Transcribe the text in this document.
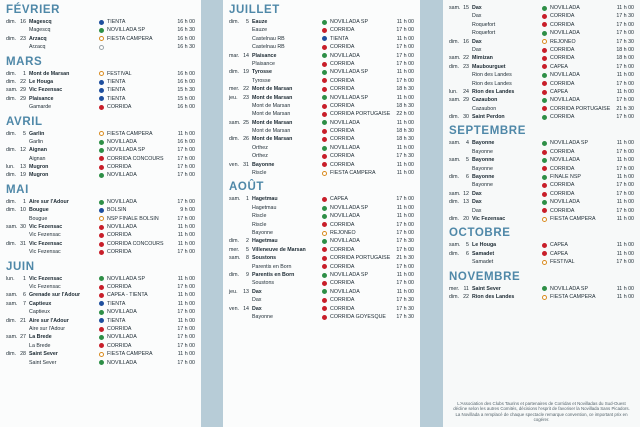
FÉVRIER
dim. 16 Magescq	TIENTA	16 h 00
Magescq	NOVILLADA SP	16 h 30
dim. 23 Arzacq	FIESTA CAMPERA	16 h 00
Arzacq	16 h 30
MARS
dim.	1 Mont de Marsan	FESTIVAL	16 h 00
dim. 22 Le Houga	TIENTA	16 h 00
sam. 29 Vic Fezensac	TIENTA	15 h 30
dim. 29 Plaisance	TIENTA	15 h 00
Gamarde	CORRIDA	16 h 00
AVRIL
dim.	5 Garlin	FIESTA CAMPERA	11 h 00
Garlin	NOVILLADA	16 h 00
dim. 12 Aignan	NOVILLADA SP	17 h 00
Aignan	CORRIDA CONCOURS	17 h 00
lun.	13 Mugron	CORRIDA	17 h 00
dim. 19 Mugron	NOVILLADA	17 h 00
MAI
dim.	1 Aire sur l'Adour	NOVILLADA	17 h 00
dim. 10 Bougue	BOLSIN	9 h 00
Bougue	NSP FINALE BOLSIN	17 h 00
sam. 30 Vic Fezensac	NOVILLADA	11 h 00
Vic Fezensac	CORRIDA	11 h 00
dim. 31 Vic Fezensac	CORRIDA CONCOURS	11 h 00
Vic Fezensac	CORRIDA	17 h 00
JUIN
lun.	1 Vic Fezensac	NOVILLADA SP	11 h 00
Vic Fezensac	CORRIDA	17 h 00
sam.	6 Grenade sur l'Adour	CAPEA - TIENTA	11 h 00
sam.	7 Captieux	TIENTA	11 h 00
Captieux	NOVILLADA	17 h 00
dim. 21 Aire sur l'Adour	TIENTA	11 h 00
Aire sur l'Adour	CORRIDA	17 h 00
sam. 27 La Brede	NOVILLADA	17 h 00
La Brede	CORRIDA	17 h 00
dim. 28 Saint Sever	FIESTA CAMPERA	11 h 00
Saint Sever	NOVILLADA	17 h 00
JUILLET
dim.	5 Eauze	NOVILLADA SP	11 h 00
Eauze	CORRIDA	17 h 00
Castelnau RB	TIENTA	11 h 00
Castelnau RB	CORRIDA	17 h 00
mar. 14 Plaisance	NOVILLADA	17 h 00
Plaisance	CORRIDA	17 h 00
dim. 19 Tyrosse	NOVILLADA SP	11 h 00
Tyrosse	CORRIDA	17 h 00
mer. 22 Mont de Marsan	CORRIDA	18 h 30
jeu.	23 Mont de Marsan	NOVILLADA SP	11 h 00
Mont de Marsan	CORRIDA	18 h 30
Mont de Marsan	CORRIDA PORTUGAISE	22 h 00
sam. 25 Mont de Marsan	NOVILLADA	11 h 00
Mont de Marsan	CORRIDA	18 h 30
dim. 26 Mont de Marsan	CORRIDA	18 h 30
Orthez	NOVILLADA	11 h 00
Orthez	CORRIDA	17 h 30
ven. 31 Bayonne	CORRIDA	11 h 00
Riscle	FIESTA CAMPERA	11 h 00
AOÛT
sam.	1 Hagetmau	CAPEA	17 h 00
Hagetmau	NOVILLADA SP	11 h 00
Riscle	NOVILLADA	11 h 00
Riscle	CORRIDA	17 h 00
Bayonne	REJONEO	17 h 00
dim.	2 Hagetmau	NOVILLADA	17 h 30
mer.	5 Villeneuve de Marsan	CORRIDA	17 h 00
sam.	8 Soustons	CORRIDA PORTUGAISE	21 h 30
Parentis en Born	CORRIDA	17 h 00
dim.	9 Parentis en Born	NOVILLADA SP	11 h 00
Soustons	CORRIDA	17 h 00
jeu.	13 Dax	NOVILLADA	11 h 00
Dax	CORRIDA	17 h 30
ven. 14 Dax	CORRIDA	17 h 30
Bayonne	CORRIDA GOYESQUE	17 h 30
sam. 15 Dax	NOVILLADA	11 h 00
Dax	CORRIDA	17 h 30
Roquefort	CORRIDA	17 h 00
Roquefort	NOVILLADA	17 h 00
dim. 16 Dax	REJONEO	17 h 30
Dax	CORRIDA	18 h 00
sam. 22 Mimizan	CORRIDA	18 h 00
dim. 23 Maubourguet	CAPEA	17 h 00
Rion des Landes	NOVILLADA	11 h 00
Rion des Landes	CORRIDA	17 h 00
lun.	24 Rion des Landes	CAPEA	11 h 00
sam. 29 Cazaubon	NOVILLADA	17 h 00
Cazaubon	CORRIDA PORTUGAISE	21 h 30
dim. 30 Saint Perdon	CORRIDA	17 h 00
SEPTEMBRE
sam.	4 Bayonne	NOVILLADA SP	11 h 00
Bayonne	CORRIDA	17 h 00
sam.	5 Bayonne	NOVILLADA	11 h 00
Bayonne	CORRIDA	17 h 00
dim.	6 Bayonne	FINALE NSP	11 h 00
Bayonne	CORRIDA	17 h 00
sam. 12 Dax	CORRIDA	17 h 00
dim. 13 Dax	NOVILLADA	11 h 00
Dax	CORRIDA	17 h 00
dim. 20 Vic Fezensac	FIESTA CAMPERA	11 h 00
OCTOBRE
sam.	5 Le Houga	CAPEA	11 h 00
dim.	6 Samadet	CAPEA	11 h 00
Samadet	FESTIVAL	17 h 00
NOVEMBRE
mer. 11 Saint Sever	NOVILLADA SP	11 h 00
dim. 22 Rion des Landes	FIESTA CAMPERA	11 h 00
L'Association des Clubs Taurins et partenaires de Corridas et Novilladas du Sud-Ouest décline selon les autres Comités, décisions l'esprit de favoriser la Novillada Sans Picadors. La Novillada a remplacé de chaque spectacle remarque convention, ce important prix en cogérer.
